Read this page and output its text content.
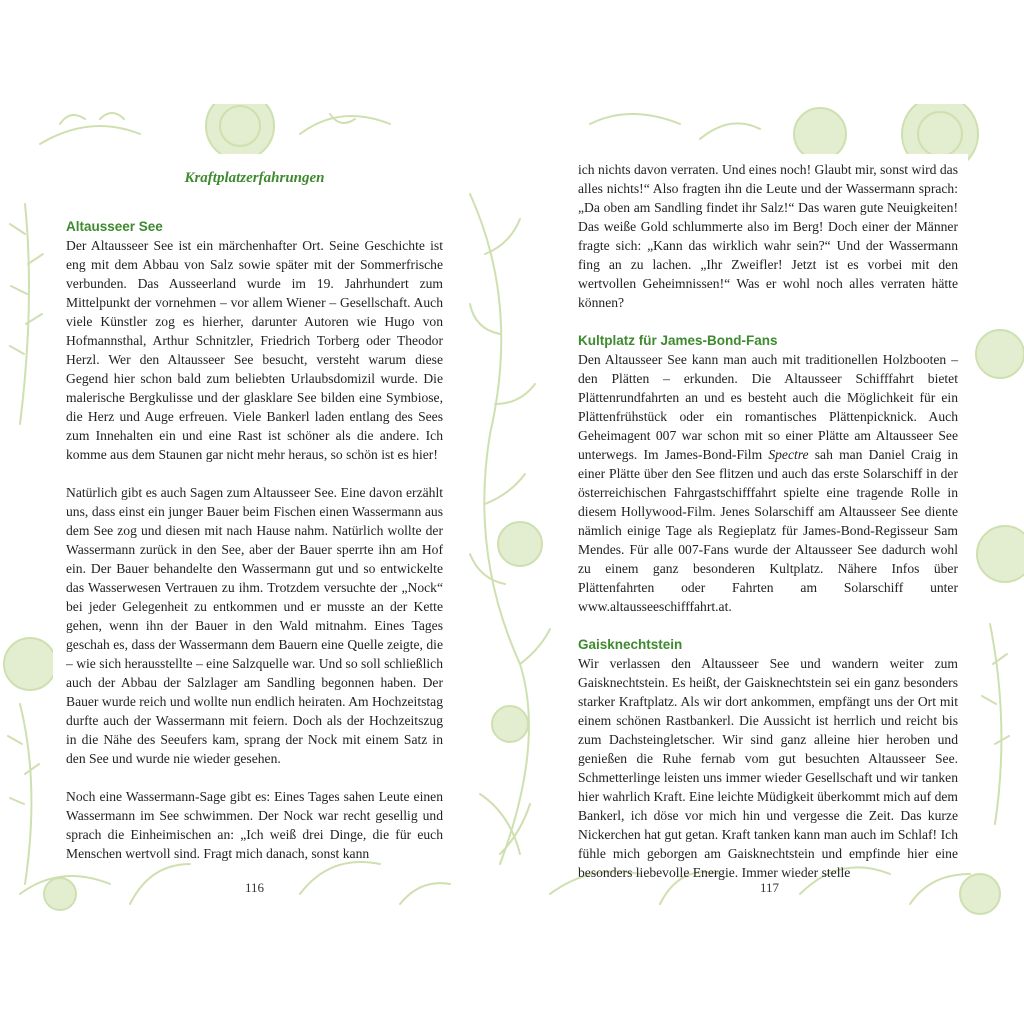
Kraftplatzerfahrungen

Altausseer See

Der Altausseer See ist ein märchenhafter Ort. Seine Geschichte ist eng mit dem Abbau von Salz sowie später mit der Sommerfrische verbunden. Das Ausseerland wurde im 19. Jahrhundert zum Mittelpunkt der vornehmen – vor allem Wiener – Gesellschaft. Auch viele Künstler zog es hierher, darunter Autoren wie Hugo von Hofmannsthal, Arthur Schnitzler, Friedrich Torberg oder Theodor Herzl. Wer den Altausseer See besucht, versteht warum diese Gegend hier schon bald zum beliebten Urlaubsdomizil wurde. Die malerische Bergkulisse und der glasklare See bilden eine Symbiose, die Herz und Auge erfreuen. Viele Bankerl laden entlang des Sees zum Innehalten ein und eine Rast ist schöner als die andere. Ich komme aus dem Staunen gar nicht mehr heraus, so schön ist es hier!

Natürlich gibt es auch Sagen zum Altausseer See. Eine davon erzählt uns, dass einst ein junger Bauer beim Fischen einen Wassermann aus dem See zog und diesen mit nach Hause nahm. Natürlich wollte der Wassermann zurück in den See, aber der Bauer sperrte ihn am Hof ein. Der Bauer behandelte den Wassermann gut und so entwickelte das Wasserwesen Vertrauen zu ihm. Trotzdem versuchte der „Nock“ bei jeder Gelegenheit zu entkommen und er musste an der Kette gehen, wenn ihn der Bauer in den Wald mitnahm. Eines Tages geschah es, dass der Wassermann dem Bauern eine Quelle zeigte, die – wie sich herausstellte – eine Salzquelle war. Und so soll schließlich auch der Abbau der Salzlager am Sandling begonnen haben. Der Bauer wurde reich und wollte nun endlich heiraten. Am Hochzeitstag durfte auch der Wassermann mit feiern. Doch als der Hochzeitszug in die Nähe des Seeufers kam, sprang der Nock mit einem Satz in den See und wurde nie wieder gesehen.

Noch eine Wassermann-Sage gibt es: Eines Tages sahen Leute einen Wassermann im See schwimmen. Der Nock war recht gesellig und sprach die Einheimischen an: „Ich weiß drei Dinge, die für euch Menschen wertvoll sind. Fragt mich danach, sonst kann

116

ich nichts davon verraten. Und eines noch! Glaubt mir, sonst wird das alles nichts!“ Also fragten ihn die Leute und der Wassermann sprach: „Da oben am Sandling findet ihr Salz!“ Das waren gute Neuigkeiten! Das weiße Gold schlummerte also im Berg! Doch einer der Männer fragte sich: „Kann das wirklich wahr sein?“ Und der Wassermann fing an zu lachen. „Ihr Zweifler! Jetzt ist es vorbei mit den wertvollen Geheimnissen!“ Was er wohl noch alles verraten hätte können?

Kultplatz für James-Bond-Fans

Den Altausseer See kann man auch mit traditionellen Holzbooten – den Plätten – erkunden. Die Altausseer Schifffahrt bietet Plättenrundfahrten an und es besteht auch die Möglichkeit für ein Plättenfrühstück oder ein romantisches Plättenpicknick. Auch Geheimagent 007 war schon mit so einer Plätte am Altausseer See unterwegs. Im James-Bond-Film Spectre sah man Daniel Craig in einer Plätte über den See flitzen und auch das erste Solarschiff in der österreichischen Fahrgastschifffahrt spielte eine tragende Rolle in diesem Hollywood-Film. Jenes Solarschiff am Altausseer See diente nämlich einige Tage als Regieplatz für James-Bond-Regisseur Sam Mendes. Für alle 007-Fans wurde der Altausseer See dadurch wohl zu einem ganz besonderen Kultplatz. Nähere Infos über Plättenfahrten oder Fahrten am Solarschiff unter www.altausseeschifffahrt.at.

Gaisknechtstein

Wir verlassen den Altausseer See und wandern weiter zum Gaisknechtstein. Es heißt, der Gaisknechtstein sei ein ganz besonders starker Kraftplatz. Als wir dort ankommen, empfängt uns der Ort mit einem schönen Rastbankerl. Die Aussicht ist herrlich und reicht bis zum Dachsteingletscher. Wir sind ganz alleine hier heroben und genießen die Ruhe fernab vom gut besuchten Altausseer See. Schmetterlinge leisten uns immer wieder Gesellschaft und wir tanken hier wahrlich Kraft. Eine leichte Müdigkeit überkommt mich auf dem Bankerl, ich döse vor mich hin und vergesse die Zeit. Das kurze Nickerchen hat gut getan. Kraft tanken kann man auch im Schlaf! Ich fühle mich geborgen am Gaisknechtstein und empfinde hier eine besonders liebevolle Energie. Immer wieder stelle

117
